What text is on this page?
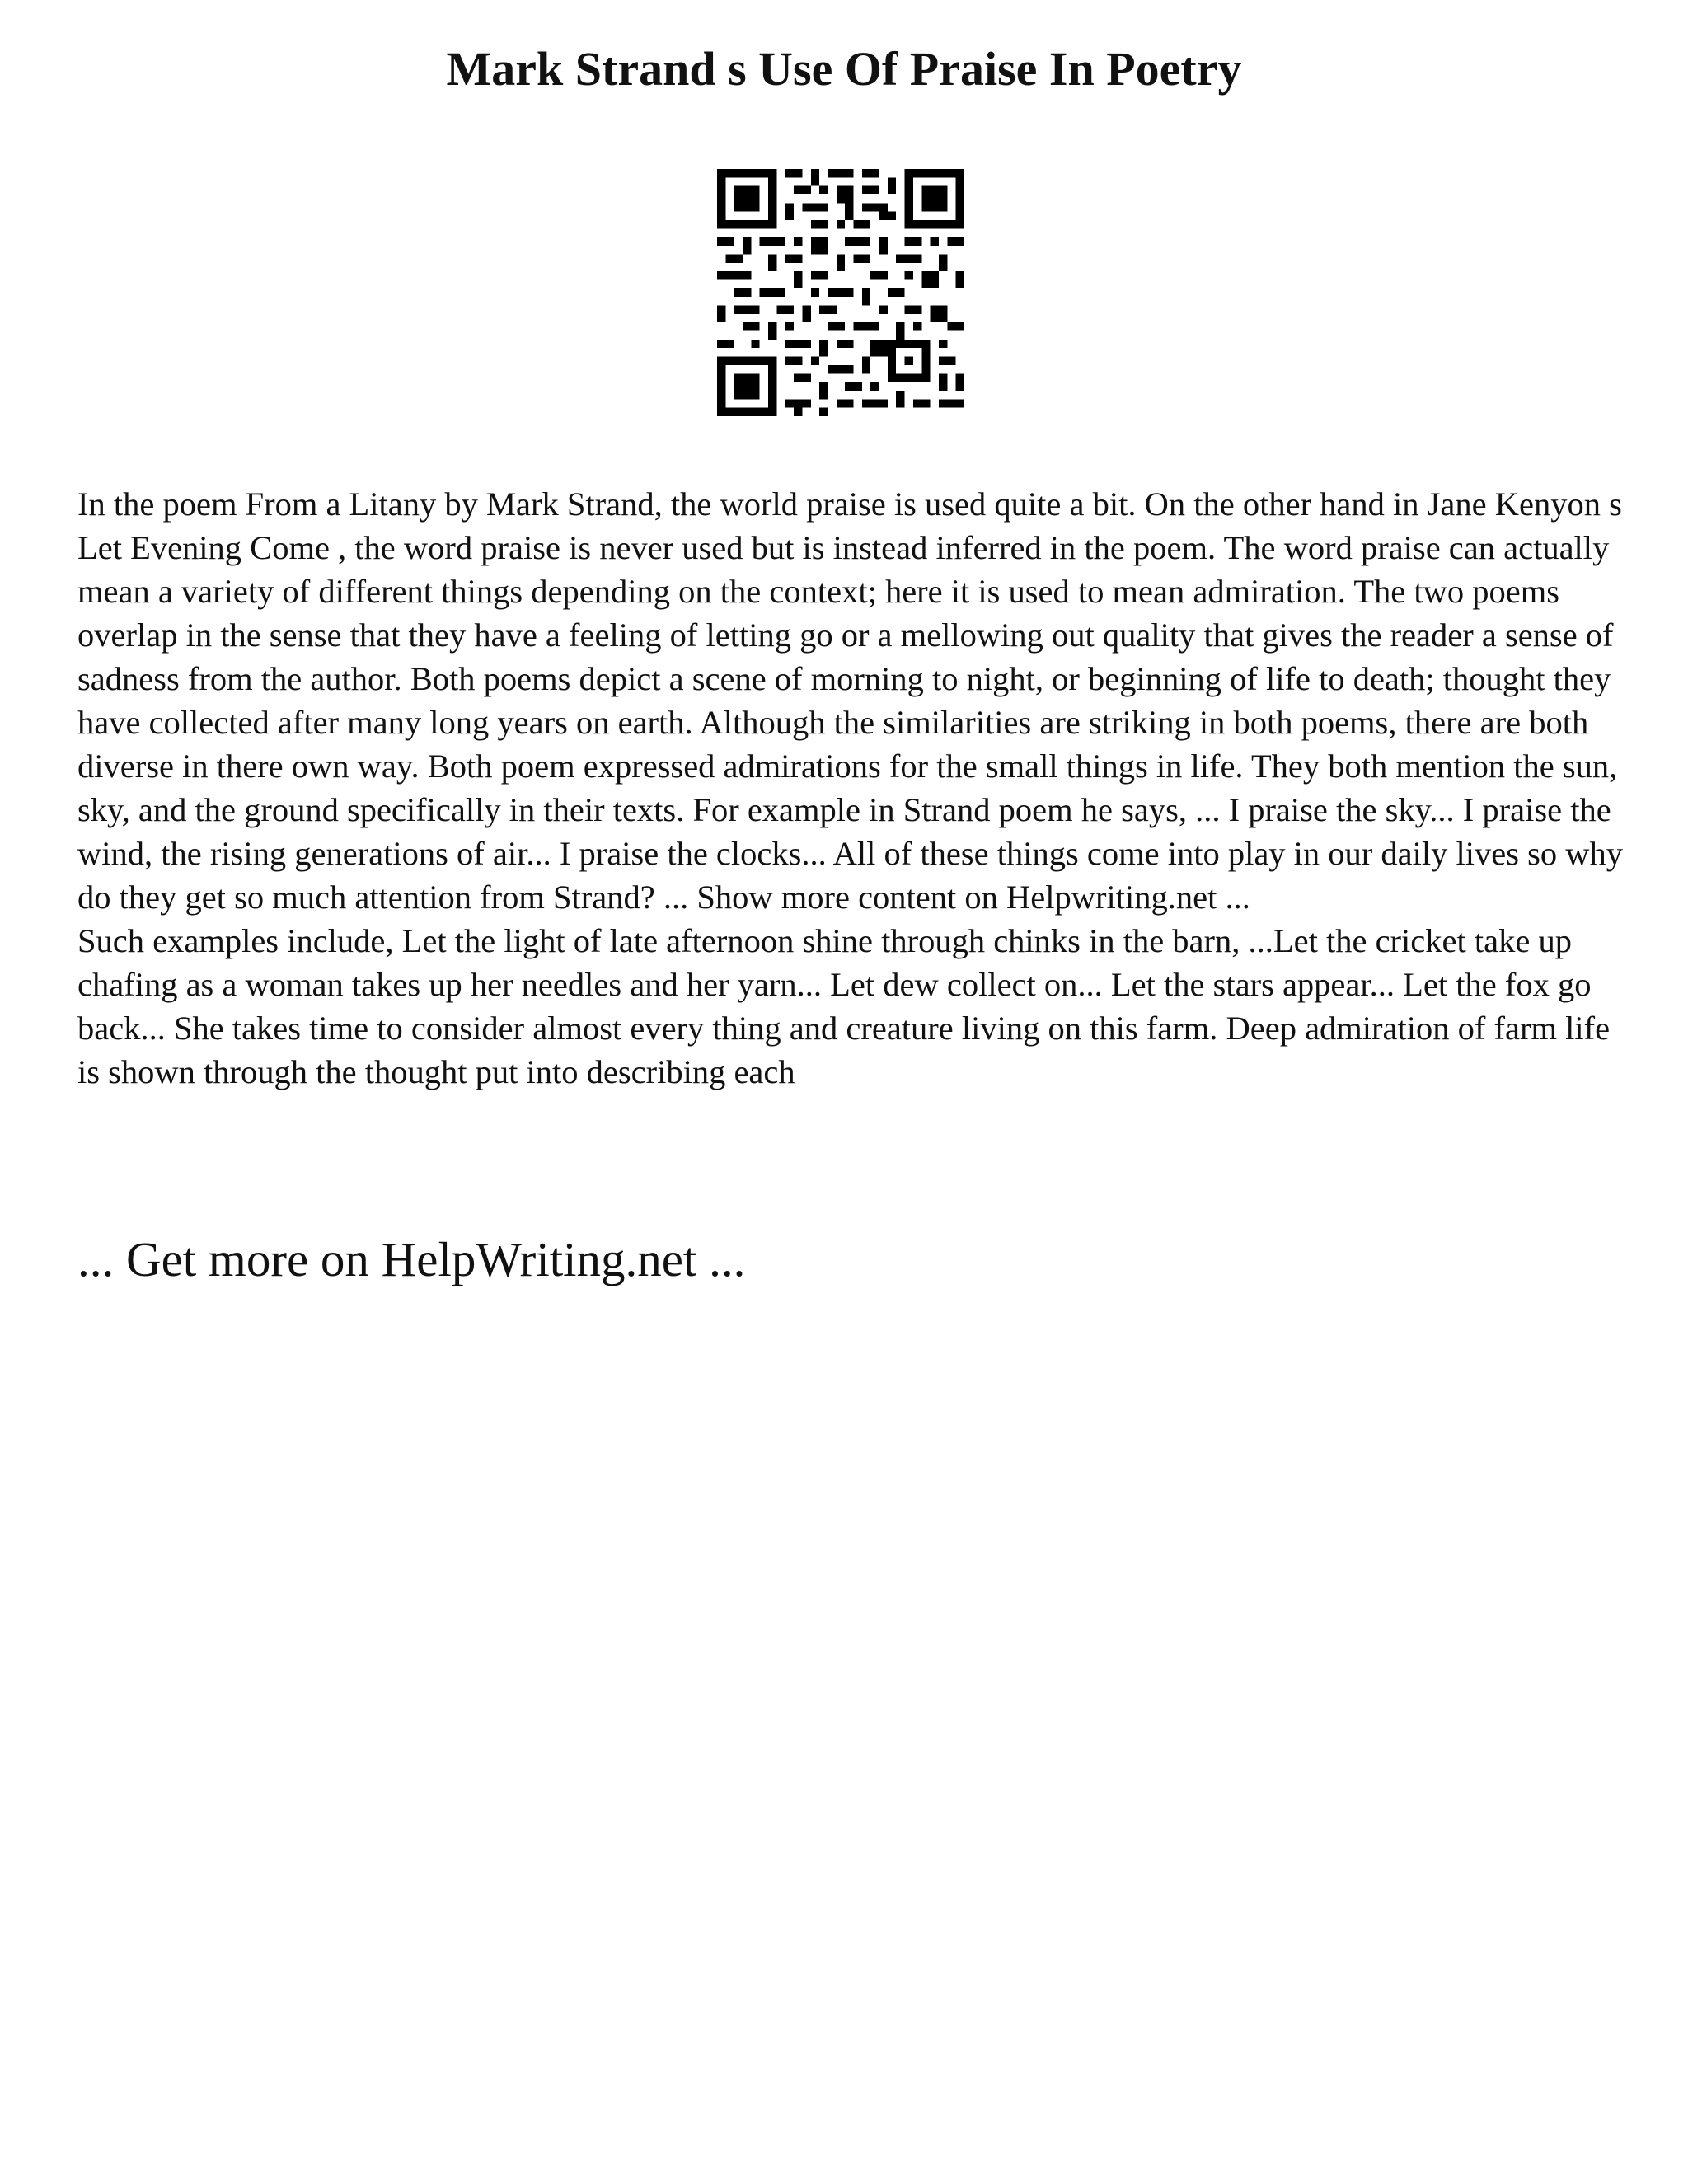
Mark Strand s Use Of Praise In Poetry

In the poem From a Litany by Mark Strand, the world praise is used quite a bit. On the other hand in Jane Kenyon s Let Evening Come , the word praise is never used but is instead inferred in the poem. The word praise can actually mean a variety of different things depending on the context; here it is used to mean admiration. The two poems overlap in the sense that they have a feeling of letting go or a mellowing out quality that gives the reader a sense of sadness from the author. Both poems depict a scene of morning to night, or beginning of life to death; thought they have collected after many long years on earth. Although the similarities are striking in both poems, there are both diverse in there own way. Both poem expressed admirations for the small things in life. They both mention the sun, sky, and the ground specifically in their texts. For example in Strand poem he says, ... I praise the sky... I praise the wind, the rising generations of air... I praise the clocks... All of these things come into play in our daily lives so why do they get so much attention from Strand? ... Show more content on Helpwriting.net ...

Such examples include, Let the light of late afternoon shine through chinks in the barn, ...Let the cricket take up chafing as a woman takes up her needles and her yarn... Let dew collect on... Let the stars appear... Let the fox go back... She takes time to consider almost every thing and creature living on this farm. Deep admiration of farm life is shown through the thought put into describing each

... Get more on HelpWriting.net ...
